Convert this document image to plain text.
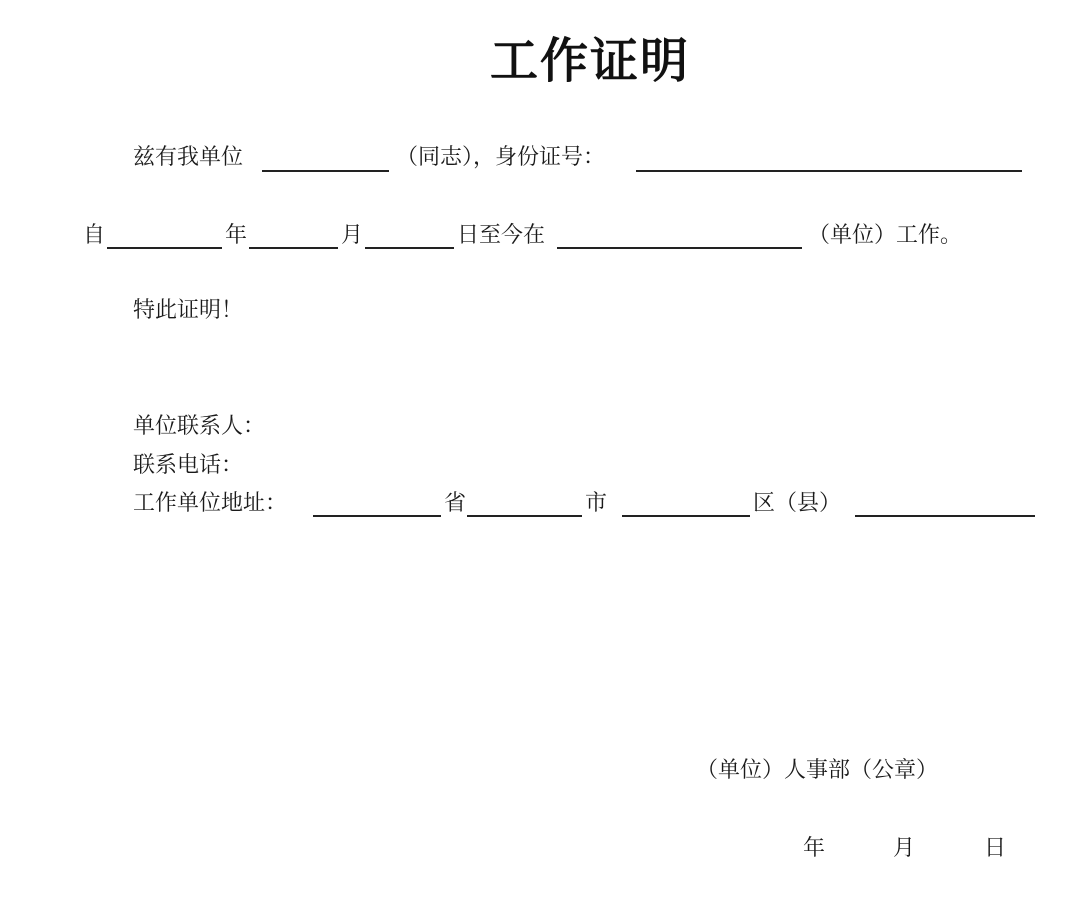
工作证明
兹有我单位	（同志），身份证号：
自	年	月	日至今在	（单位）工作。
特此证明！
单位联系人：
联系电话：
工作单位地址：	省	市	区（县）
（单位）人事部（公章）
年	月	日
